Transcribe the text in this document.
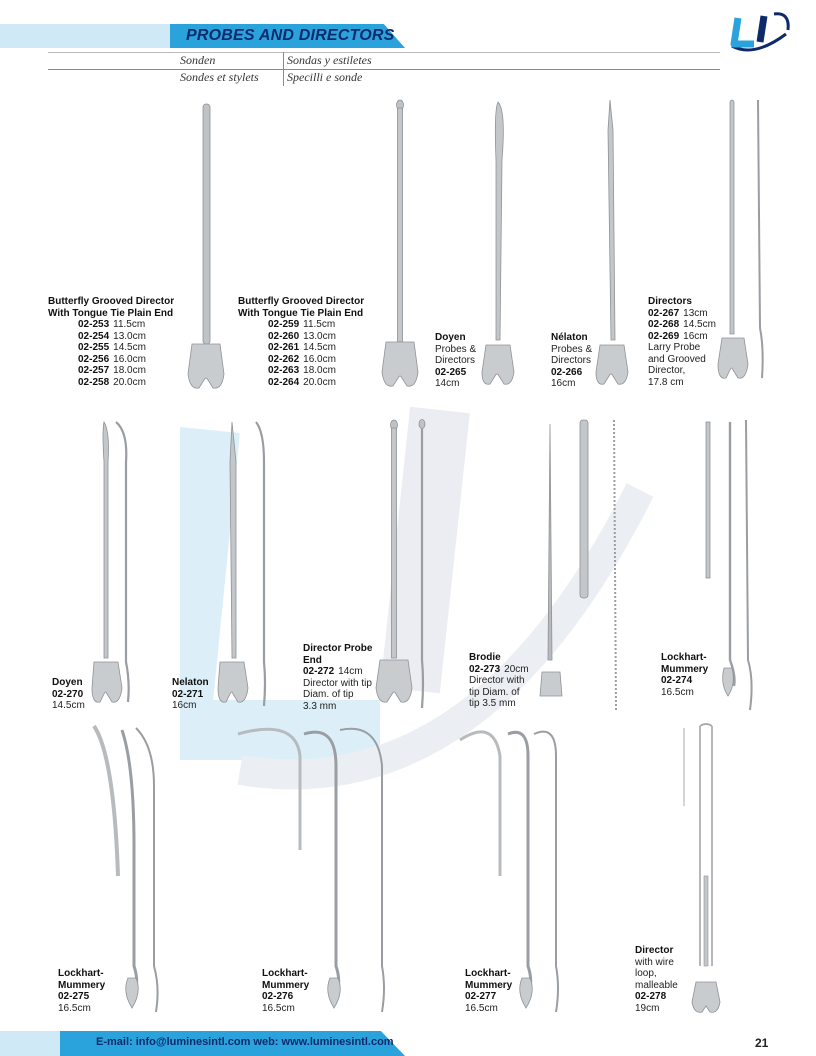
PROBES AND DIRECTORS
Sonden	Sondas y estiletes
Sondes et stylets Specilli e sonde
Butterfly Grooved Director
With Tongue Tie Plain End
02-253 11.5cm
02-254 13.0cm
02-255 14.5cm
02-256 16.0cm
02-257 18.0cm
02-258 20.0cm
Butterfly Grooved Director
With Tongue Tie Plain End
02-259 11.5cm
02-260 13.0cm
02-261 14.5cm
02-262 16.0cm
02-263 18.0cm
02-264 20.0cm
Doyen
Probes &
Directors
02-265
14cm
Nélaton
Probes &
Directors
02-266
16cm
Directors
02-267 13cm
02-268 14.5cm
02-269 16cm
Larry Probe
and Grooved
Director,
17.8 cm
Doyen
02-270
14.5cm
Nelaton
02-271
16cm
Director Probe
End
02-272 14cm
Director with tip
Diam. of tip
3.3 mm
Brodie
02-273 20cm
Director with
tip Diam. of
tip 3.5 mm
Lockhart-
Mummery
02-274
16.5cm
Lockhart-
Mummery
02-275
16.5cm
Lockhart-
Mummery
02-276
16.5cm
Lockhart-
Mummery
02-277
16.5cm
Director
with wire
loop,
malleable
02-278
19cm
E-mail: info@luminesintl.com web: www.luminesintl.com	21
